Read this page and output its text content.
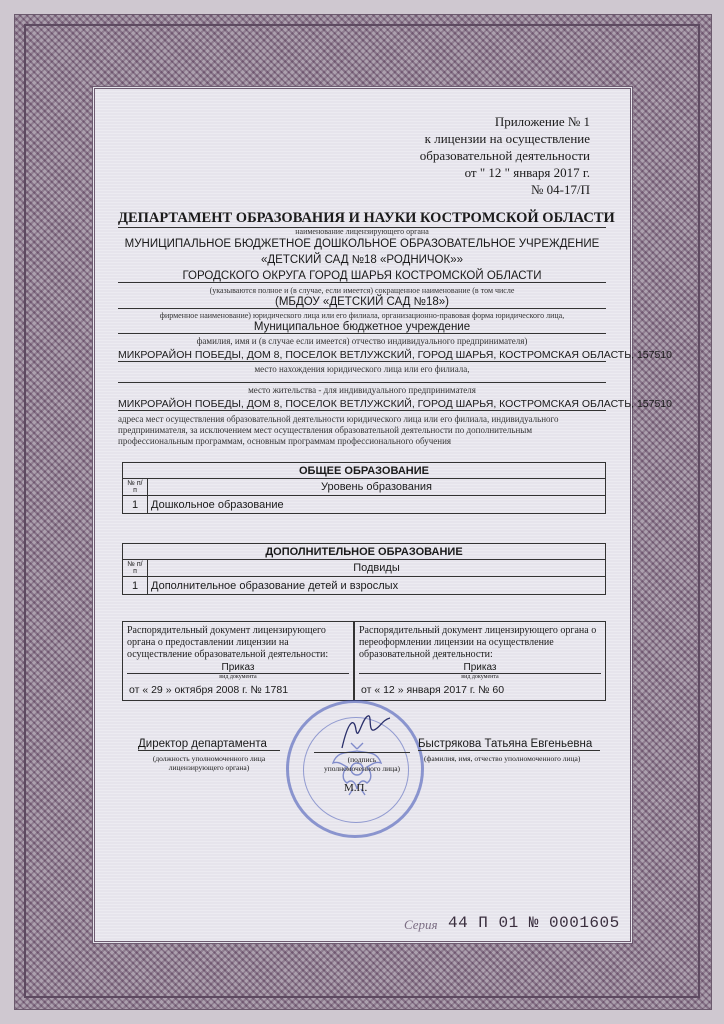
Приложение № 1
к лицензии на осуществление
образовательной деятельности
от " 12 " января 2017 г.
№ 04-17/П
ДЕПАРТАМЕНТ ОБРАЗОВАНИЯ И НАУКИ КОСТРОМСКОЙ ОБЛАСТИ
наименование лицензирующего органа
МУНИЦИПАЛЬНОЕ БЮДЖЕТНОЕ ДОШКОЛЬНОЕ ОБРАЗОВАТЕЛЬНОЕ УЧРЕЖДЕНИЕ
«ДЕТСКИЙ САД №18 «РОДНИЧОК»»
ГОРОДСКОГО ОКРУГА ГОРОД ШАРЬЯ КОСТРОМСКОЙ ОБЛАСТИ
(указываются полное и (в случае, если имеется) сокращенное наименование (в том числе
(МБДОУ «ДЕТСКИЙ САД №18»)
фирменное наименование) юридического лица или его филиала, организационно-правовая форма юридического лица,
Муниципальное бюджетное учреждение
фамилия, имя и (в случае если имеется) отчество индивидуального предпринимателя)
МИКРОРАЙОН ПОБЕДЫ, ДОМ 8, ПОСЕЛОК ВЕТЛУЖСКИЙ, ГОРОД ШАРЬЯ, КОСТРОМСКАЯ ОБЛАСТЬ, 157510
место нахождения юридического лица или его филиала,
место жительства - для индивидуального предпринимателя
МИКРОРАЙОН ПОБЕДЫ, ДОМ 8, ПОСЕЛОК ВЕТЛУЖСКИЙ, ГОРОД ШАРЬЯ, КОСТРОМСКАЯ ОБЛАСТЬ, 157510
адреса мест осуществления образовательной деятельности юридического лица или его филиала, индивидуального
предпринимателя, за исключением мест осуществления образовательной деятельности по дополнительным
профессиональным программам, основным программам профессионального обучения
ОБЩЕЕ ОБРАЗОВАНИЕ	
№ п/п	Уровень образования
1	Дошкольное образование
ДОПОЛНИТЕЛЬНОЕ ОБРАЗОВАНИЕ	
№ п/п	Подвиды
1	Дополнительное образование детей и взрослых
Распорядительный документ лицензирующего
органа о предоставлении лицензии на
осуществление образовательной деятельности:
Приказ
вид документа
от « 29 » октября 2008 г. № 1781
Распорядительный документ лицензирующего органа о
переоформлении лицензии на осуществление
образовательной деятельности:
Приказ
вид документа
от « 12 » января 2017 г. № 60
Директор департамента
(должность уполномоченного лица
лицензирующего органа)
(подпись
уполномоченного лица)
Быстрякова Татьяна Евгеньевна
(фамилия, имя, отчество уполномоченного лица)
М.П.
Серия 44 П 01 № 0001605
